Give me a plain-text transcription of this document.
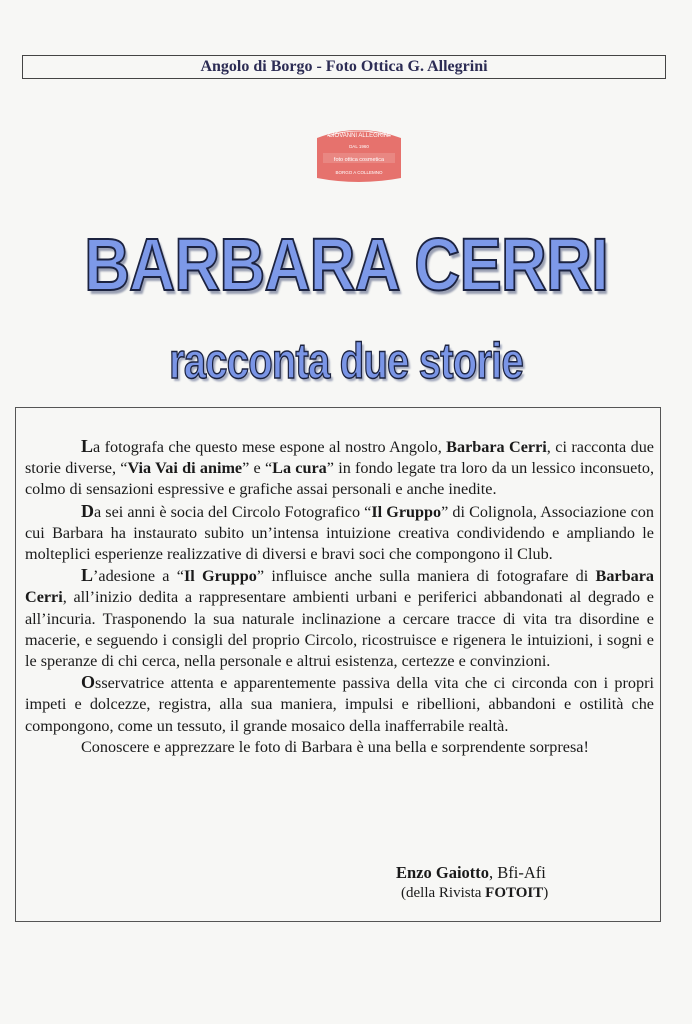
Angolo di Borgo - Foto Ottica G. Allegrini
GIOVANNI ALLEGRINI
DAL 1960
foto ottica cosmetica
BORGO A COLLEMNO
BARBARA CERRI
racconta due storie

La fotografa che questo mese espone al nostro Angolo, Barbara Cerri, ci racconta due storie diverse, “Via Vai di anime” e “La cura” in fondo legate tra loro da un lessico inconsueto, colmo di sensazioni espressive e grafiche assai personali e anche inedite.

Da sei anni è socia del Circolo Fotografico “Il Gruppo” di Colignola, Associazione con cui Barbara ha instaurato subito un’intensa intuizione creativa condividendo e ampliando le molteplici esperienze realizzative di diversi e bravi soci che compongono il Club.

L’adesione a “Il Gruppo” influisce anche sulla maniera di fotografare di Barbara Cerri, all’inizio dedita a rappresentare ambienti urbani e periferici abbandonati al degrado e all’incuria. Trasponendo la sua naturale inclinazione a cercare tracce di vita tra disordine e macerie, e seguendo i consigli del proprio Circolo, ricostruisce e rigenera le intuizioni, i sogni e le speranze di chi cerca, nella personale e altrui esistenza, certezze e convinzioni.

Osservatrice attenta e apparentemente passiva della vita che ci circonda con i propri impeti e dolcezze, registra, alla sua maniera, impulsi e ribellioni, abbandoni e ostilità che compongono, come un tessuto, il grande mosaico della inafferrabile realtà.

Conoscere e apprezzare le foto di Barbara è una bella e sorprendente sorpresa!

Enzo Gaiotto, Bfi-Afi
(della Rivista FOTOIT)
